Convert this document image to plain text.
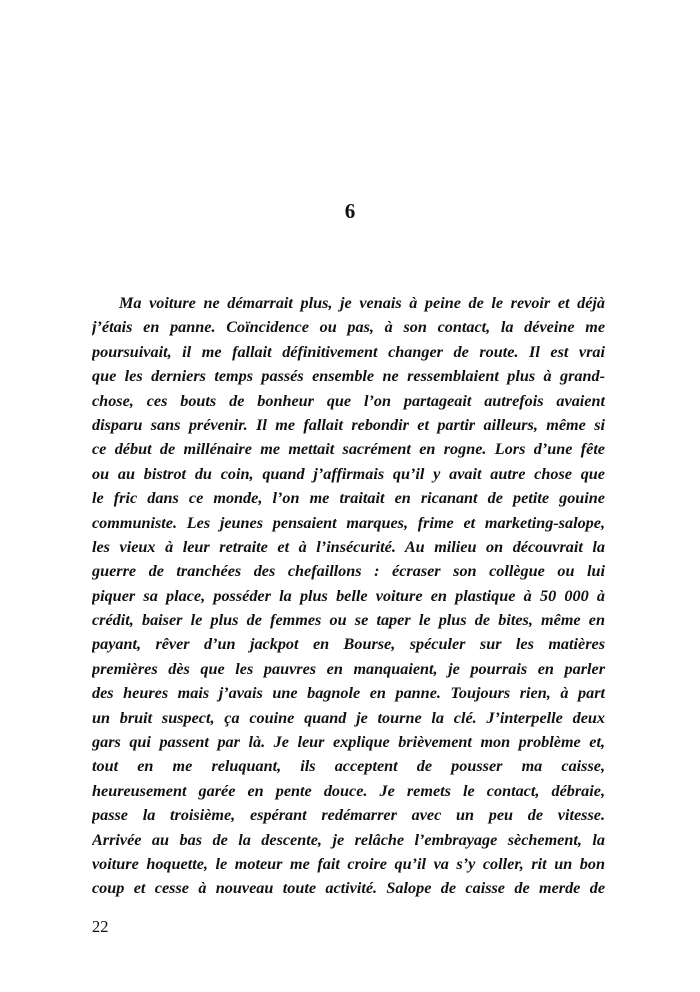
6
Ma voiture ne démarrait plus, je venais à peine de le revoir et déjà
j’étais en panne. Coïncidence ou pas, à son contact, la déveine me
poursuivait, il me fallait définitivement changer de route. Il est vrai
que les derniers temps passés ensemble ne ressemblaient plus à grand-
chose, ces bouts de bonheur que l’on partageait autrefois avaient
disparu sans prévenir. Il me fallait rebondir et partir ailleurs, même si
ce début de millénaire me mettait sacrément en rogne. Lors d’une fête
ou au bistrot du coin, quand j’affirmais qu’il y avait autre chose que
le fric dans ce monde, l’on me traitait en ricanant de petite gouine
communiste. Les jeunes pensaient marques, frime et marketing-salope,
les vieux à leur retraite et à l’insécurité. Au milieu on découvrait la
guerre de tranchées des chefaillons : écraser son collègue ou lui
piquer sa place, posséder la plus belle voiture en plastique à 50 000 à
crédit, baiser le plus de femmes ou se taper le plus de bites, même en
payant, rêver d’un jackpot en Bourse, spéculer sur les matières
premières dès que les pauvres en manquaient, je pourrais en parler
des heures mais j’avais une bagnole en panne. Toujours rien, à part
un bruit suspect, ça couine quand je tourne la clé. J’interpelle deux
gars qui passent par là. Je leur explique brièvement mon problème et,
tout en me reluquant, ils acceptent de pousser ma caisse,
heureusement garée en pente douce. Je remets le contact, débraie,
passe la troisième, espérant redémarrer avec un peu de vitesse.
Arrivée au bas de la descente, je relâche l’embrayage sèchement, la
voiture hoquette, le moteur me fait croire qu’il va s’y coller, rit un bon
coup et cesse à nouveau toute activité. Salope de caisse de merde de
22
